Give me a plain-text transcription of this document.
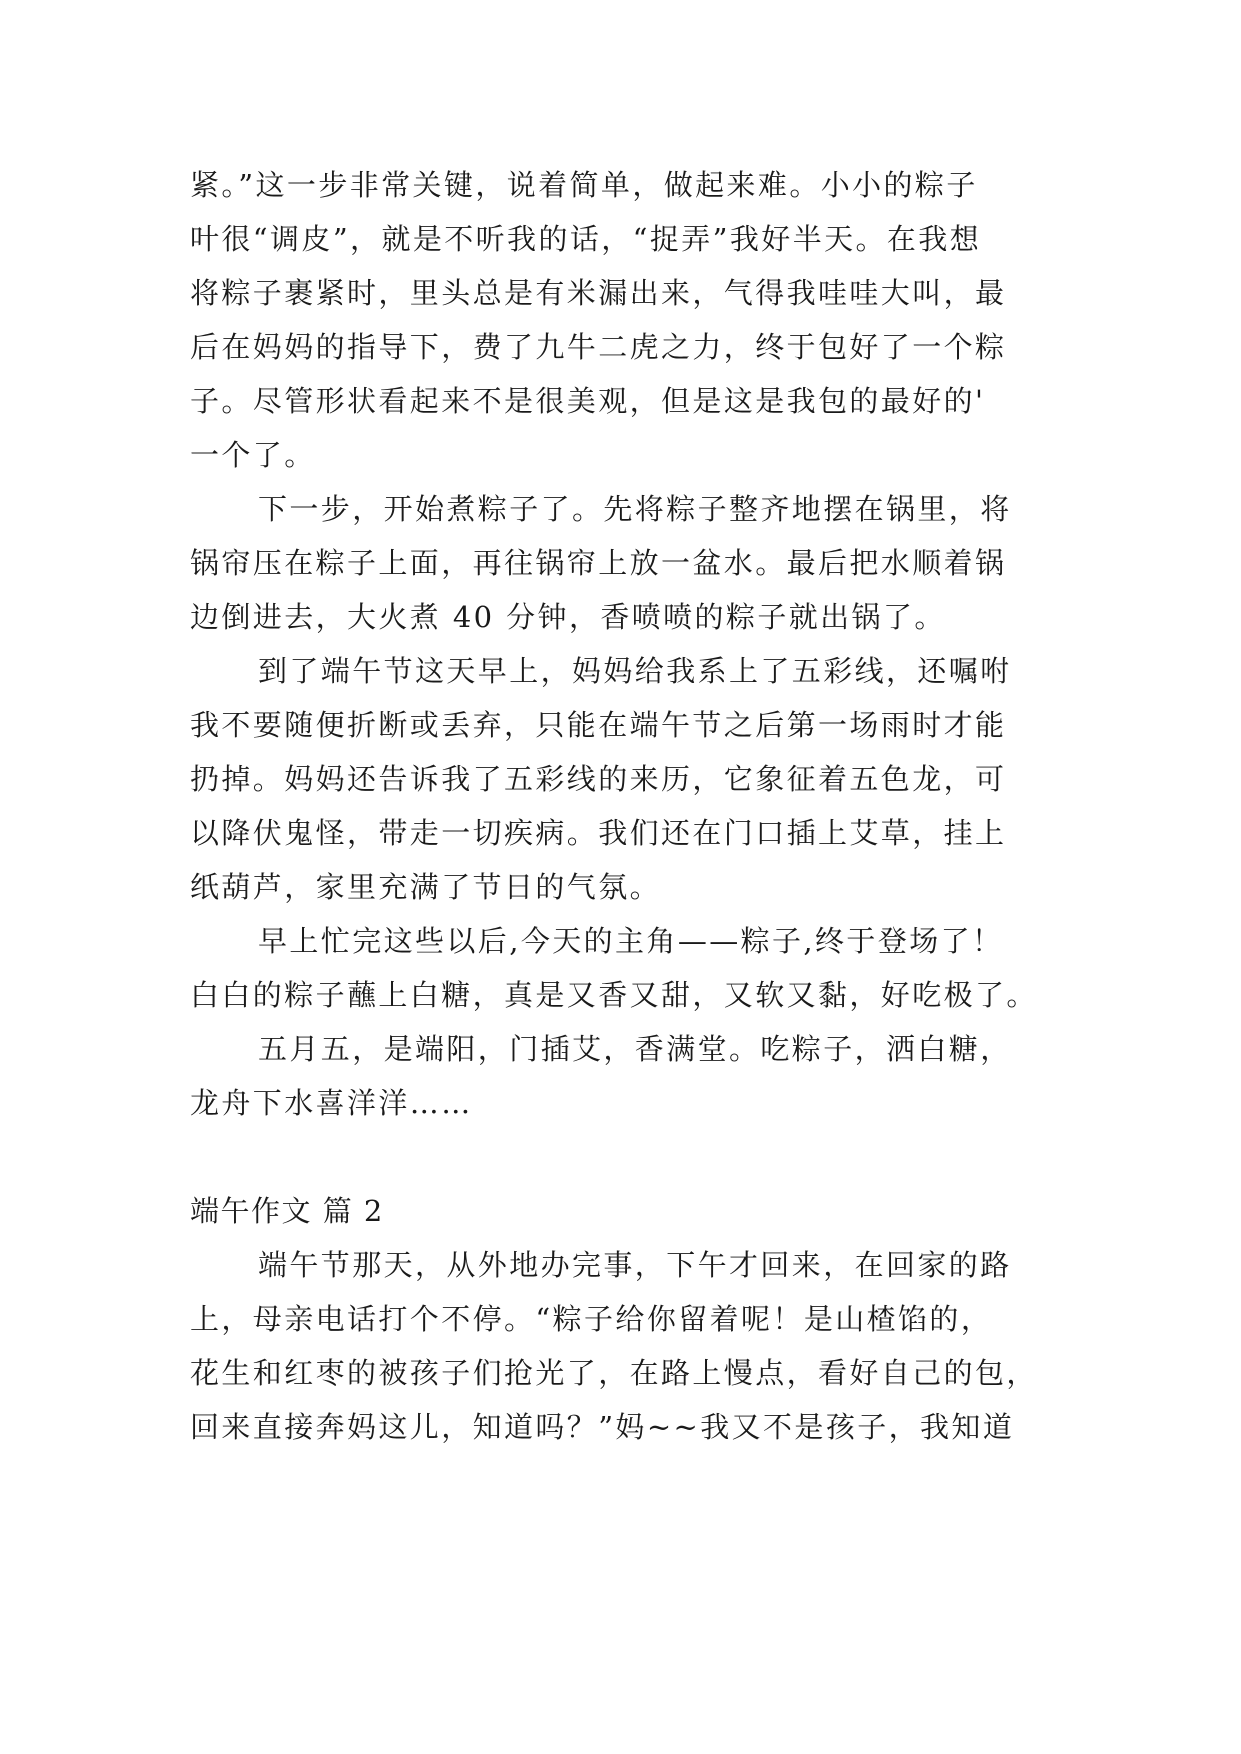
紧。”这一步非常关键，说着简单，做起来难。小小的粽子
叶很“调皮”，就是不听我的话，“捉弄”我好半天。在我想
将粽子裹紧时，里头总是有米漏出来，气得我哇哇大叫，最
后在妈妈的指导下，费了九牛二虎之力，终于包好了一个粽
子。尽管形状看起来不是很美观，但是这是我包的最好的'
一个了。
下一步，开始煮粽子了。先将粽子整齐地摆在锅里，将
锅帘压在粽子上面，再往锅帘上放一盆水。最后把水顺着锅
边倒进去，大火煮 40 分钟，香喷喷的粽子就出锅了。
到了端午节这天早上，妈妈给我系上了五彩线，还嘱咐
我不要随便折断或丢弃，只能在端午节之后第一场雨时才能
扔掉。妈妈还告诉我了五彩线的来历，它象征着五色龙，可
以降伏鬼怪，带走一切疾病。我们还在门口插上艾草，挂上
纸葫芦，家里充满了节日的气氛。
早上忙完这些以后,今天的主角——粽子,终于登场了！
白白的粽子蘸上白糖，真是又香又甜，又软又黏，好吃极了。
五月五，是端阳，门插艾，香满堂。吃粽子，洒白糖，
龙舟下水喜洋洋……
端午作文 篇 2
端午节那天，从外地办完事，下午才回来，在回家的路
上，母亲电话打个不停。“粽子给你留着呢！是山楂馅的，
花生和红枣的被孩子们抢光了，在路上慢点，看好自己的包，
回来直接奔妈这儿，知道吗？”妈~~我又不是孩子，我知道
